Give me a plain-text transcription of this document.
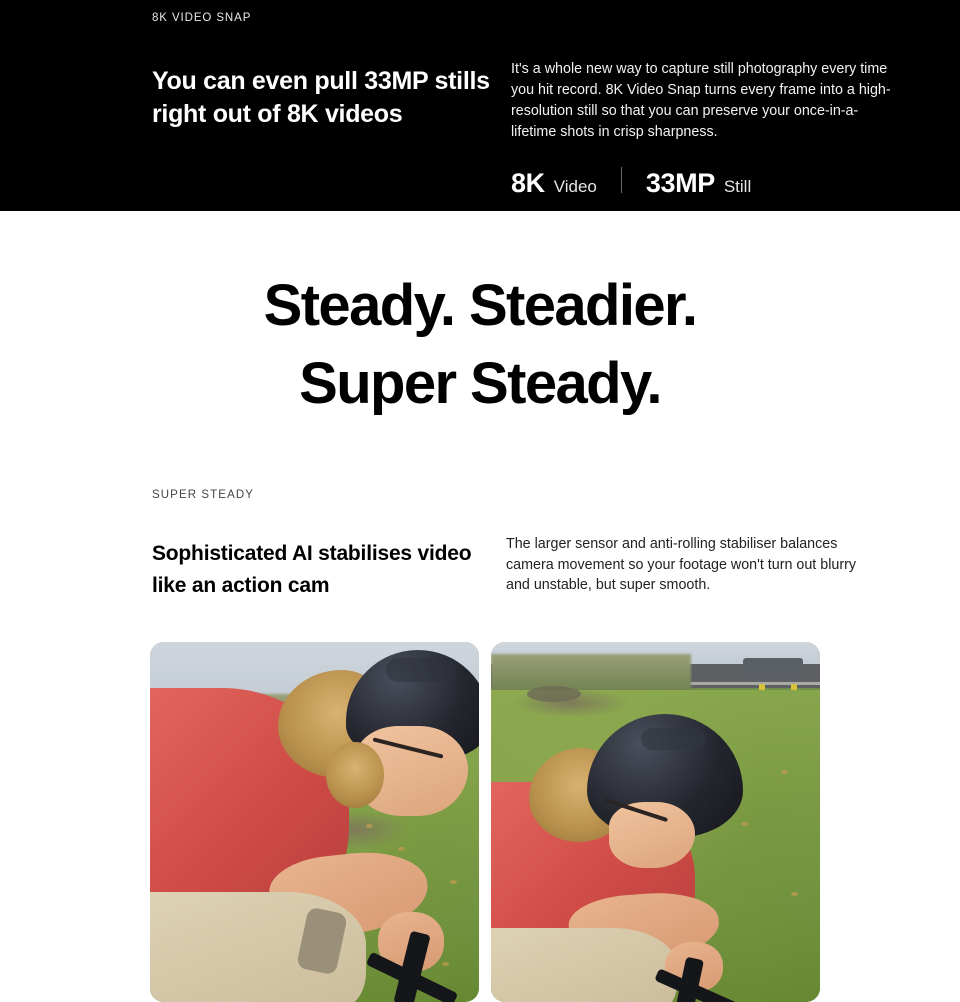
8K VIDEO SNAP
You can even pull 33MP stills right out of 8K videos

It's a whole new way to capture still photography every time you hit record. 8K Video Snap turns every frame into a high-resolution still so that you can preserve your once-in-a-lifetime shots in crisp sharpness.

8K Video 33MP Still
Steady. Steadier.
Super Steady.
SUPER STEADY
Sophisticated AI stabilises video like an action cam

The larger sensor and anti-rolling stabiliser balances camera movement so your footage won't turn out blurry and unstable, but super smooth.
